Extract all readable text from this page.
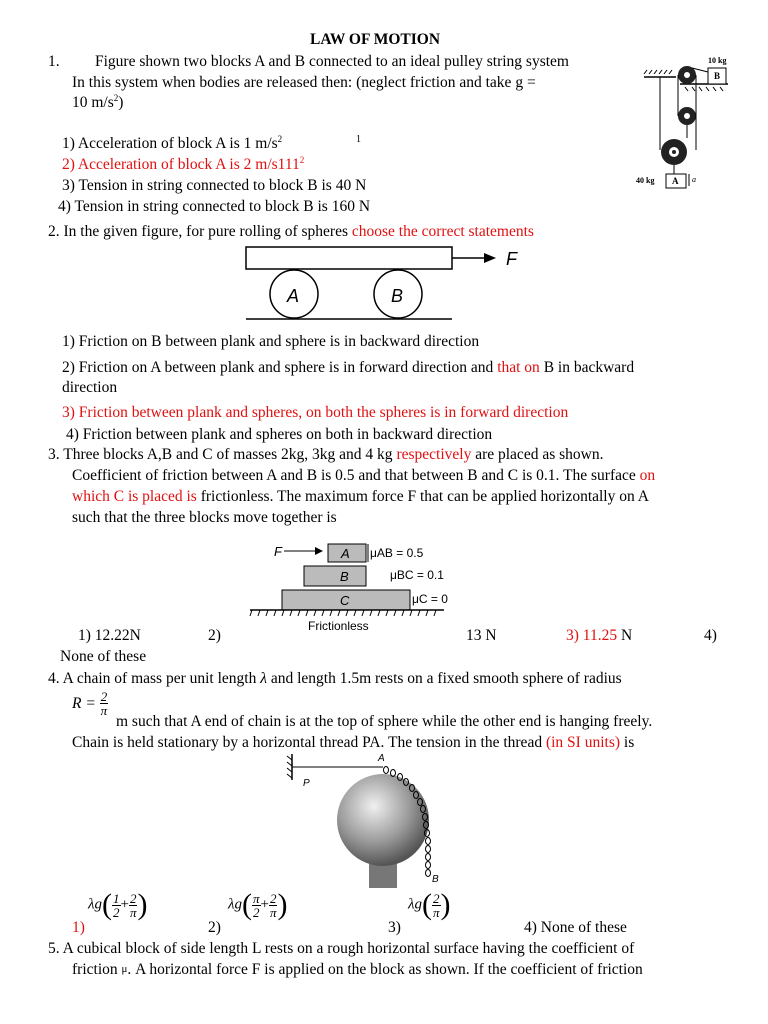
LAW OF MOTION
1. Figure shown two blocks A and B connected to an ideal pulley string system
In this system when bodies are released then: (neglect friction and take g =
10 $m/s^2$)
1) Acceleration of block A is 1 $m/s^2$	1
2) Acceleration of block A is 2 $m/s111^2$
3) Tension in string connected to block B is 40 N
4) Tension in string connected to block B is 160 N
B
10 kg
A
40 kg	a
2. In the given figure, for pure rolling of spheres choose the correct statements
F
A	B
1) Friction on B between plank and sphere is in backward direction
2) Friction on A between plank and sphere is in forward direction and that on B in backward
direction
3) Friction between plank and spheres, on both the spheres is in forward direction
4) Friction between plank and spheres on both in backward direction
3. Three blocks A,B and C of masses 2kg, 3kg and 4 kg respectively are placed as shown.
Coefficient of friction between A and B is 0.5 and that between B and C is 0.1. The surface on
which C is placed is frictionless. The maximum force F that can be applied horizontally on A
such that the three blocks move together is
F	A
B
C
μAB = 0.5
μBC = 0.1
μC = 0
Frictionless
1) 12.22N	2)	13 N	3) 11.25 N	4)
None of these
4. A chain of mass per unit length λ and length 1.5m rests on a fixed smooth sphere of radius
$R = \frac{2}{\pi}$
m such that A end of chain is at the top of sphere while the other end is hanging freely.
Chain is held stationary by a horizontal thread PA. The tension in the thread (in SI units) is
P
A
B
$\lambda g( \frac{1}{2} + \frac{2}{\pi}$ )
1)
$\lambda g( \frac{\pi}{2} + \frac{2}{\pi}$ )
2)
$\lambda g( \frac{2}{\pi}$ )
3)	4) None of these
5. A cubical block of side length L rests on a rough horizontal surface having the coefficient of
friction $^\mu$. A horizontal force F is applied on the block as shown. If the coefficient of friction
